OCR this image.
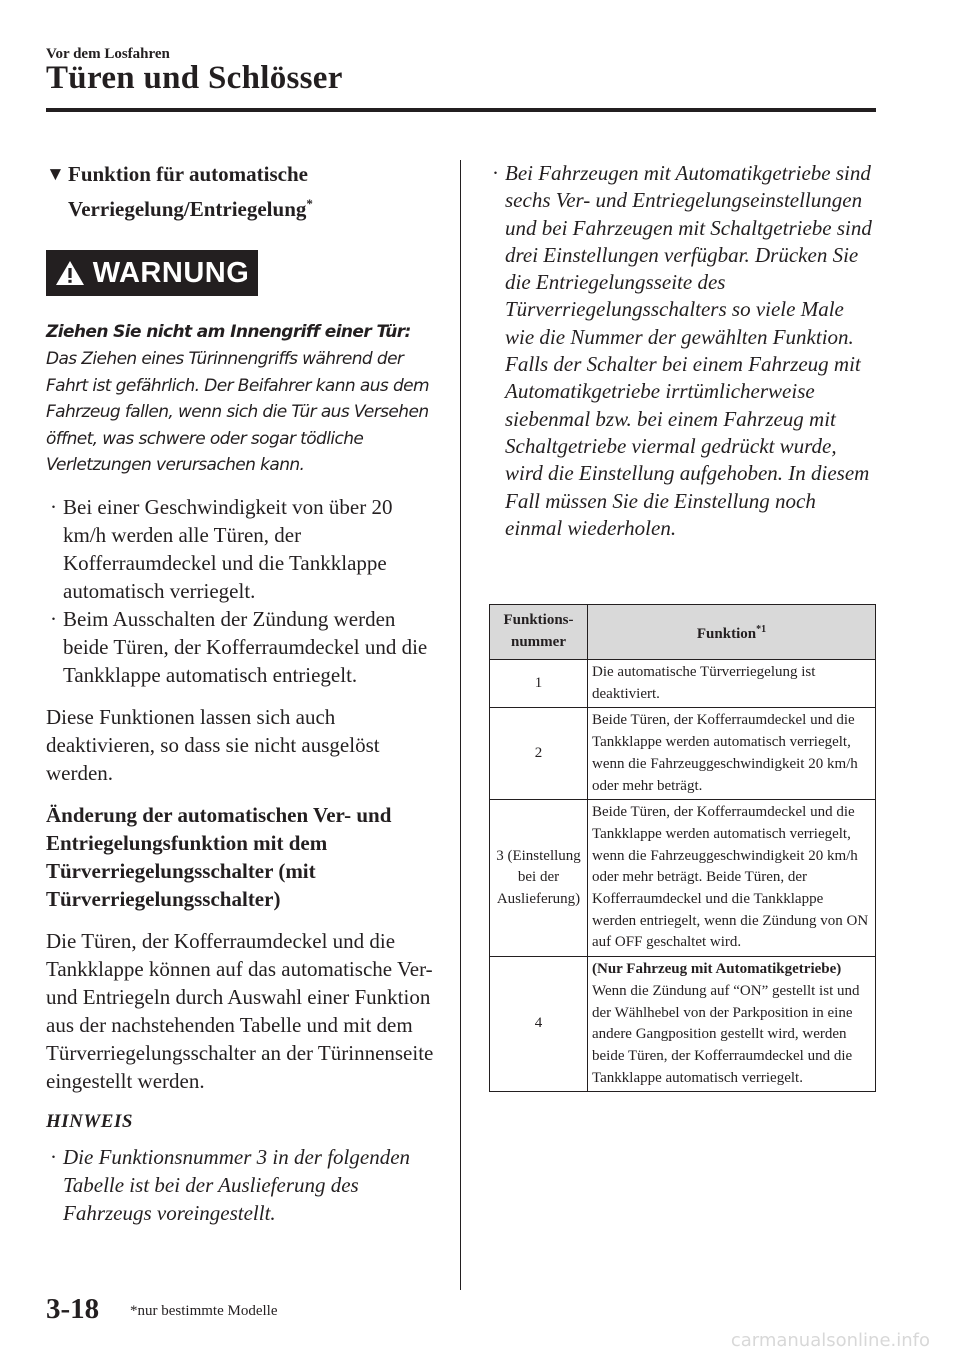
Vor dem Losfahren
Türen und Schlösser
▼ Funktion für automatische Verriegelung/Entriegelung*
WARNUNG
Ziehen Sie nicht am Innengriff einer Tür:
Das Ziehen eines Türinnengriffs während der Fahrt ist gefährlich. Der Beifahrer kann aus dem Fahrzeug fallen, wenn sich die Tür aus Versehen öffnet, was schwere oder sogar tödliche Verletzungen verursachen kann.
· Bei einer Geschwindigkeit von über 20 km/h werden alle Türen, der Kofferraumdeckel und die Tankklappe automatisch verriegelt.
· Beim Ausschalten der Zündung werden beide Türen, der Kofferraumdeckel und die Tankklappe automatisch entriegelt.
Diese Funktionen lassen sich auch deaktivieren, so dass sie nicht ausgelöst werden.
Änderung der automatischen Ver- und Entriegelungsfunktion mit dem Türverriegelungsschalter (mit Türverriegelungsschalter)
Die Türen, der Kofferraumdeckel und die Tankklappe können auf das automatische Ver- und Entriegeln durch Auswahl einer Funktion aus der nachstehenden Tabelle und mit dem Türverriegelungsschalter an der Türinnenseite eingestellt werden.
HINWEIS
· Die Funktionsnummer 3 in der folgenden Tabelle ist bei der Auslieferung des Fahrzeugs voreingestellt.
· Bei Fahrzeugen mit Automatikgetriebe sind sechs Ver- und Entriegelungseinstellungen und bei Fahrzeugen mit Schaltgetriebe sind drei Einstellungen verfügbar. Drücken Sie die Entriegelungsseite des Türverriegelungsschalters so viele Male wie die Nummer der gewählten Funktion. Falls der Schalter bei einem Fahrzeug mit Automatikgetriebe irrtümlicherweise siebenmal bzw. bei einem Fahrzeug mit Schaltgetriebe viermal gedrückt wurde, wird die Einstellung aufgehoben. In diesem Fall müssen Sie die Einstellung noch einmal wiederholen.
Funktions-nummer	Funktion$^{*1}$
1	Die automatische Türverriegelung ist deaktiviert.
2	Beide Türen, der Kofferraumdeckel und die Tankklappe werden automatisch verriegelt, wenn die Fahrzeuggeschwindigkeit 20 km/h oder mehr beträgt.
3 (Einstellung bei der Auslieferung)	Beide Türen, der Kofferraumdeckel und die Tankklappe werden automatisch verriegelt, wenn die Fahrzeuggeschwindigkeit 20 km/h oder mehr beträgt. Beide Türen, der Kofferraumdeckel und die Tankklappe werden entriegelt, wenn die Zündung von ON auf OFF geschaltet wird.
4	(Nur Fahrzeug mit Automatikgetriebe)
Wenn die Zündung auf “ON” gestellt ist und der Wählhebel von der Parkposition in eine andere Gangposition gestellt wird, werden beide Türen, der Kofferraumdeckel und die Tankklappe automatisch verriegelt.
3-18 *nur bestimmte Modelle
carmanualsonline.info
